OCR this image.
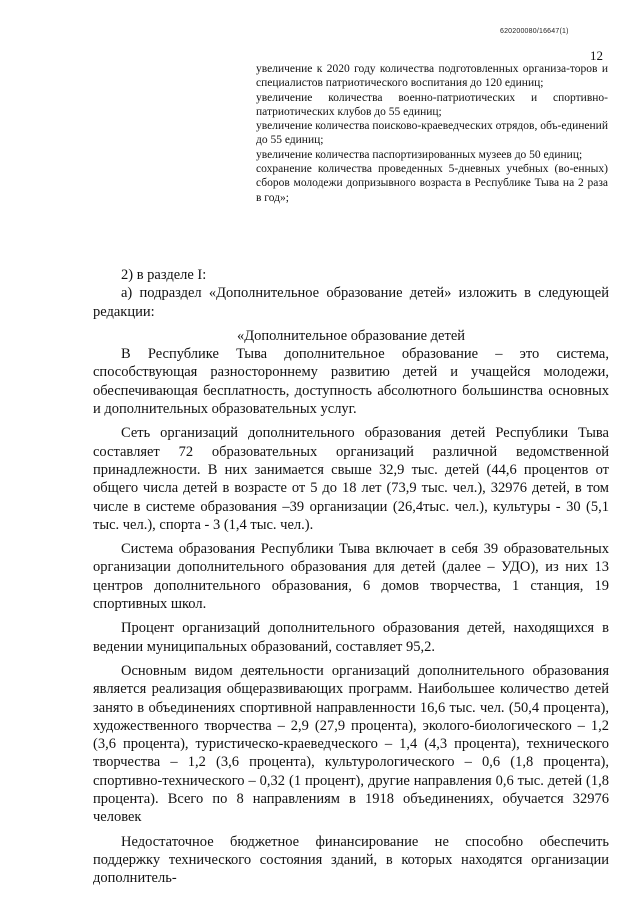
620200080/16647(1)
12

увеличение к 2020 году количества подготовленных организа-торов и специалистов патриотического воспитания до 120 единиц;

увеличение количества военно-патриотических и спортивно-патриотических клубов до 55 единиц;

увеличение количества поисково-краеведческих отрядов, объ-единений до 55 единиц;

увеличение количества паспортизированных музеев до 50 единиц;

сохранение количества проведенных 5-дневных учебных (во-енных) сборов молодежи допризывного возраста в Республике Тыва на 2 раза в год»;

2) в разделе I:

а) подраздел «Дополнительное образование детей» изложить в следующей редакции:

«Дополнительное образование детей

В Республике Тыва дополнительное образование – это система, способствующая разностороннему развитию детей и учащейся молодежи, обеспечивающая бесплатность, доступность абсолютного большинства основных и дополнительных образовательных услуг.

Сеть организаций дополнительного образования детей Республики Тыва составляет 72 образовательных организаций различной ведомственной принадлежности. В них занимается свыше 32,9 тыс. детей (44,6 процентов от общего числа детей в возрасте от 5 до 18 лет (73,9 тыс. чел.), 32976 детей, в том числе в системе образования –39 организации (26,4тыс. чел.), культуры - 30 (5,1 тыс. чел.), спорта - 3 (1,4 тыс. чел.).

Система образования Республики Тыва включает в себя 39 образовательных организации дополнительного образования для детей (далее – УДО), из них 13 центров дополнительного образования, 6 домов творчества, 1 станция, 19 спортивных школ.

Процент организаций дополнительного образования детей, находящихся в ведении муниципальных образований, составляет 95,2.

Основным видом деятельности организаций дополнительного образования является реализация общеразвивающих программ. Наибольшее количество детей занято в объединениях спортивной направленности 16,6 тыс. чел. (50,4 процента), художественного творчества – 2,9 (27,9 процента), эколого-биологического – 1,2 (3,6 процента), туристическо-краеведческого – 1,4 (4,3 процента), технического творчества – 1,2 (3,6 процента), культурологического – 0,6 (1,8 процента), спортивно-технического – 0,32 (1 процент), другие направления 0,6 тыс. детей (1,8 процента). Всего по 8 направлениям в 1918 объединениях, обучается 32976 человек

Недостаточное бюджетное финансирование не способно обеспечить поддержку технического состояния зданий, в которых находятся организации дополнитель-
